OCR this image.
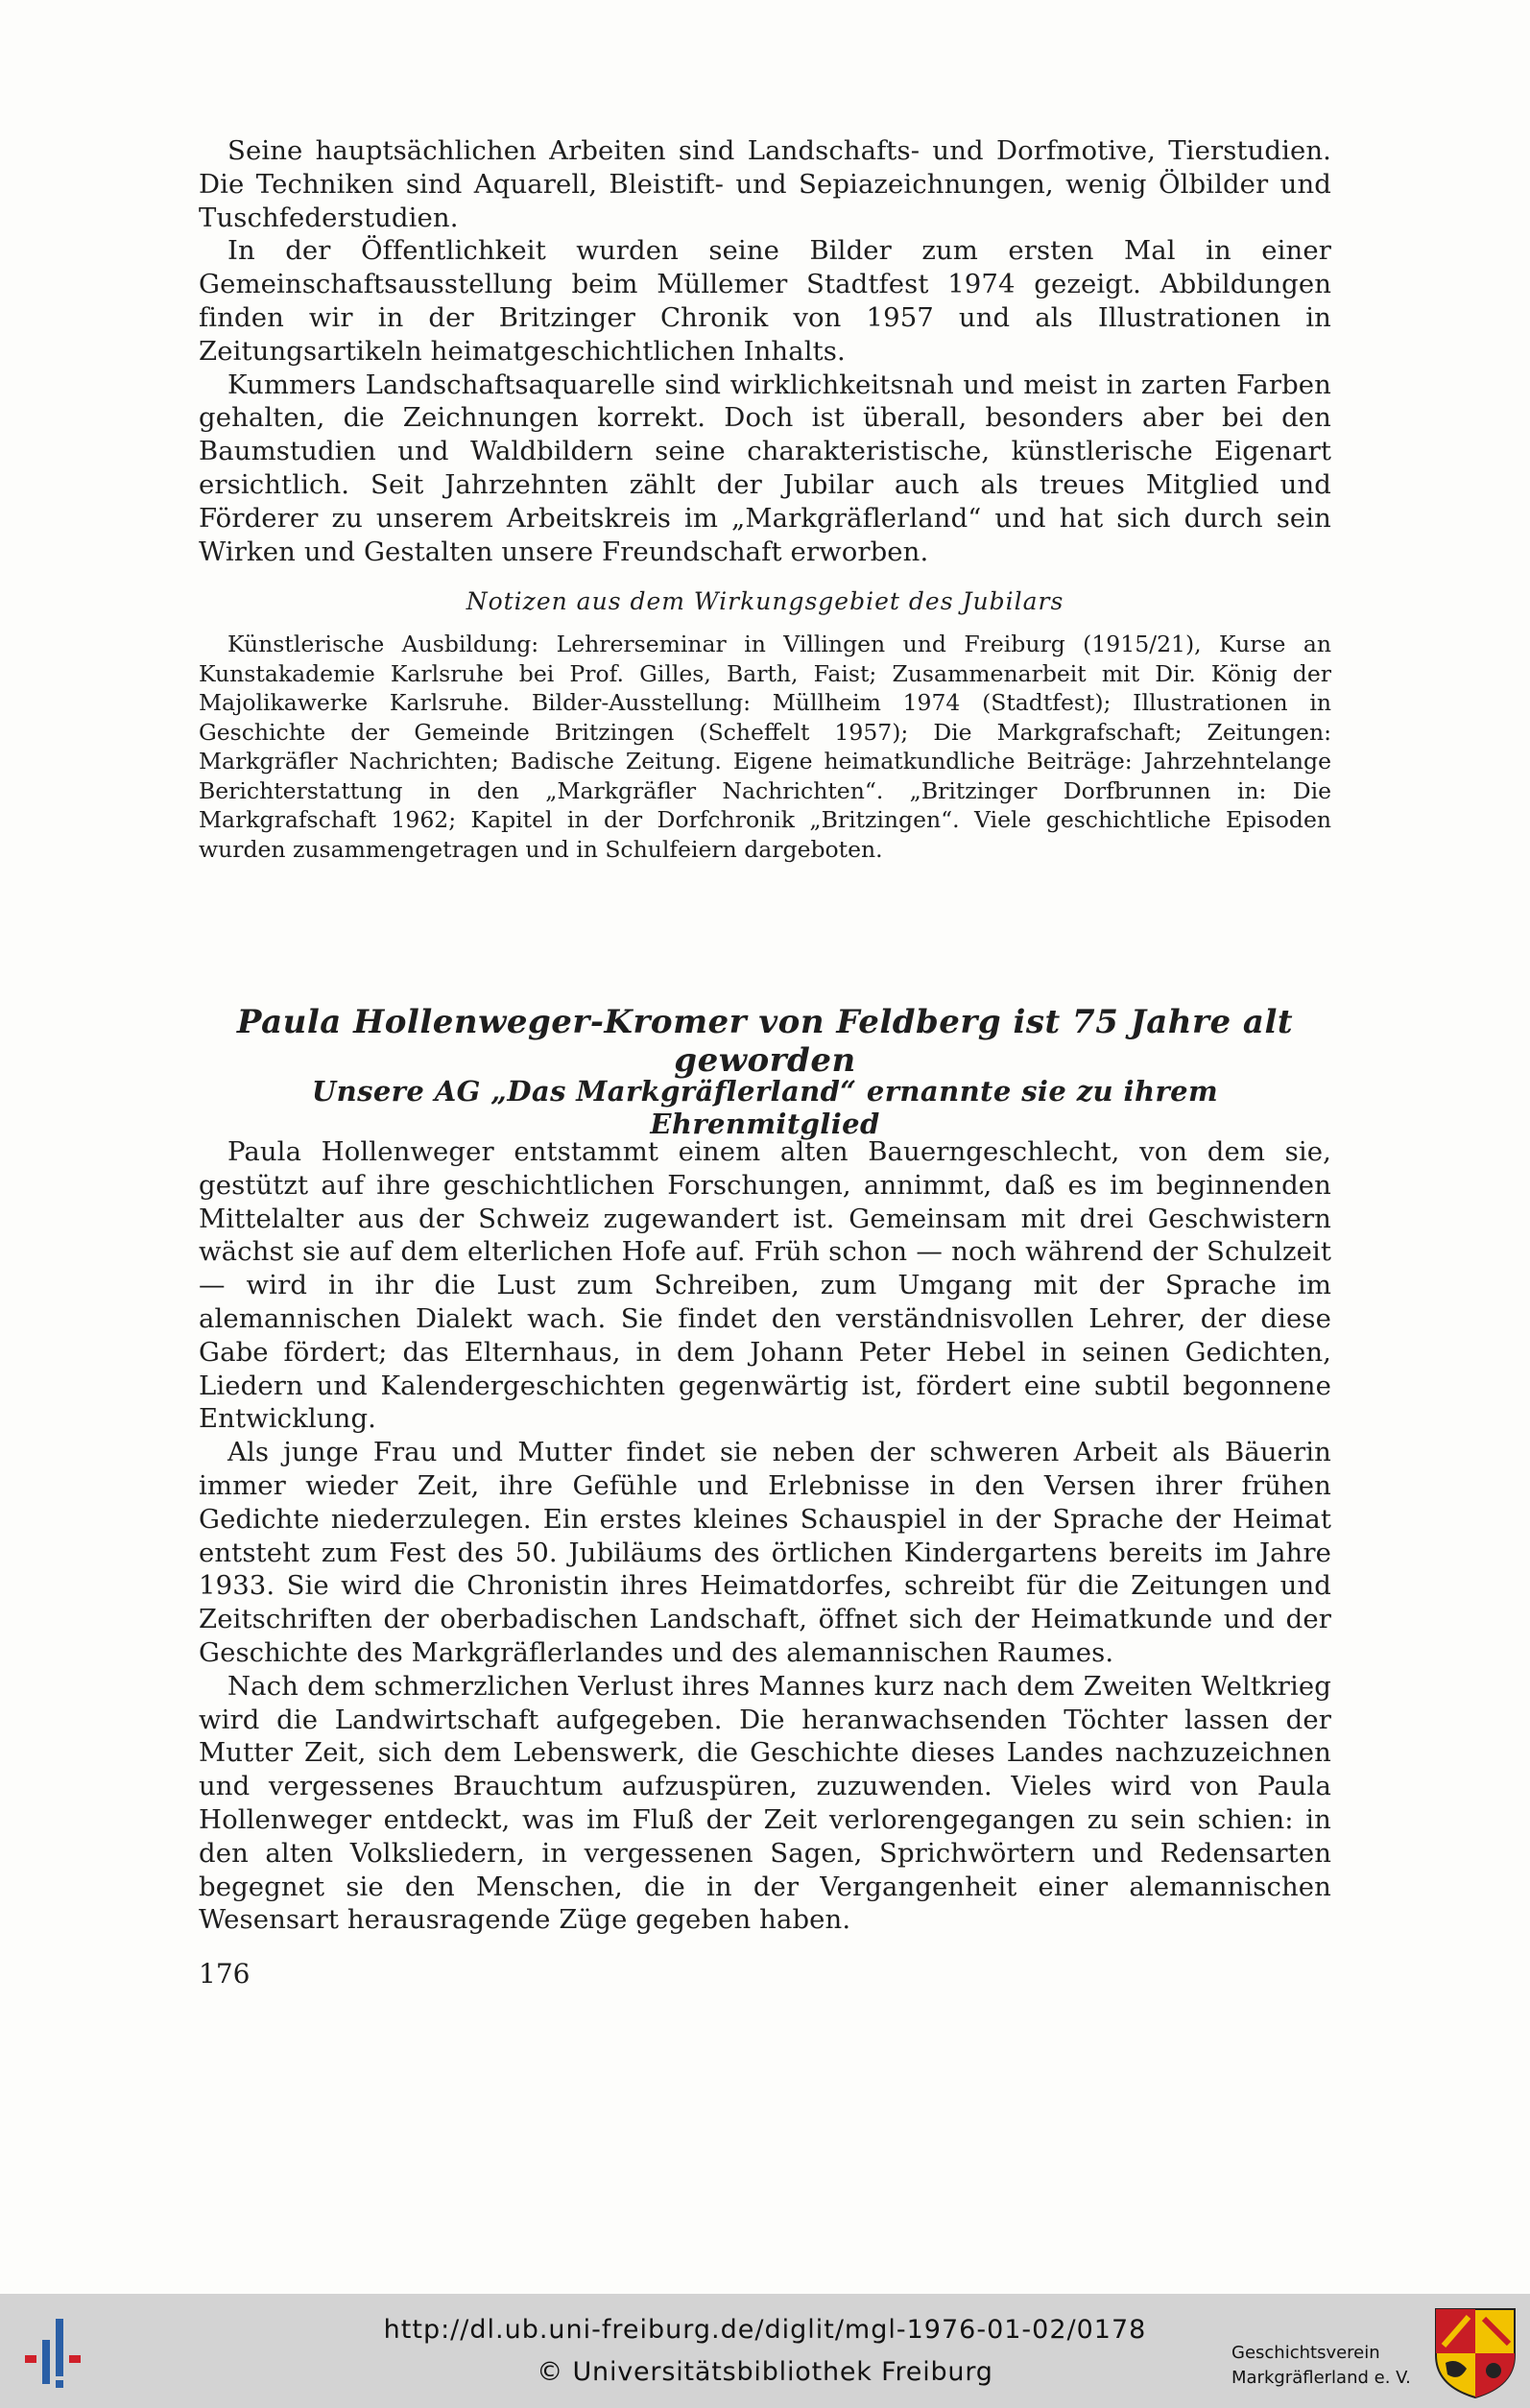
Seine hauptsächlichen Arbeiten sind Landschafts- und Dorfmotive, Tierstudien. Die Techniken sind Aquarell, Bleistift- und Sepiazeichnungen, wenig Ölbilder und Tuschfederstudien.

In der Öffentlichkeit wurden seine Bilder zum ersten Mal in einer Gemeinschaftsausstellung beim Müllemer Stadtfest 1974 gezeigt. Abbildungen finden wir in der Britzinger Chronik von 1957 und als Illustrationen in Zeitungsartikeln heimatgeschichtlichen Inhalts.

Kummers Landschaftsaquarelle sind wirklichkeitsnah und meist in zarten Farben gehalten, die Zeichnungen korrekt. Doch ist überall, besonders aber bei den Baumstudien und Waldbildern seine charakteristische, künstlerische Eigenart ersichtlich. Seit Jahrzehnten zählt der Jubilar auch als treues Mitglied und Förderer zu unserem Arbeitskreis im „Markgräflerland“ und hat sich durch sein Wirken und Gestalten unsere Freundschaft erworben.

Notizen aus dem Wirkungsgebiet des Jubilars

Künstlerische Ausbildung: Lehrerseminar in Villingen und Freiburg (1915/21), Kurse an Kunstakademie Karlsruhe bei Prof. Gilles, Barth, Faist; Zusammenarbeit mit Dir. König der Majolikawerke Karlsruhe. Bilder-Ausstellung: Müllheim 1974 (Stadtfest); Illustrationen in Geschichte der Gemeinde Britzingen (Scheffelt 1957); Die Markgrafschaft; Zeitungen: Markgräfler Nachrichten; Badische Zeitung. Eigene heimatkundliche Beiträge: Jahrzehntelange Berichterstattung in den „Markgräfler Nachrichten“. „Britzinger Dorfbrunnen in: Die Markgrafschaft 1962; Kapitel in der Dorfchronik „Britzingen“. Viele geschichtliche Episoden wurden zusammengetragen und in Schulfeiern dargeboten.

Paula Hollenweger-Kromer von Feldberg ist 75 Jahre alt geworden
Unsere AG „Das Markgräflerland“ ernannte sie zu ihrem Ehrenmitglied

Paula Hollenweger entstammt einem alten Bauerngeschlecht, von dem sie, gestützt auf ihre geschichtlichen Forschungen, annimmt, daß es im beginnenden Mittelalter aus der Schweiz zugewandert ist. Gemeinsam mit drei Geschwistern wächst sie auf dem elterlichen Hofe auf. Früh schon — noch während der Schulzeit — wird in ihr die Lust zum Schreiben, zum Umgang mit der Sprache im alemannischen Dialekt wach. Sie findet den verständnisvollen Lehrer, der diese Gabe fördert; das Elternhaus, in dem Johann Peter Hebel in seinen Gedichten, Liedern und Kalendergeschichten gegenwärtig ist, fördert eine subtil begonnene Entwicklung.

Als junge Frau und Mutter findet sie neben der schweren Arbeit als Bäuerin immer wieder Zeit, ihre Gefühle und Erlebnisse in den Versen ihrer frühen Gedichte niederzulegen. Ein erstes kleines Schauspiel in der Sprache der Heimat entsteht zum Fest des 50. Jubiläums des örtlichen Kindergartens bereits im Jahre 1933. Sie wird die Chronistin ihres Heimatdorfes, schreibt für die Zeitungen und Zeitschriften der oberbadischen Landschaft, öffnet sich der Heimatkunde und der Geschichte des Markgräflerlandes und des alemannischen Raumes.

Nach dem schmerzlichen Verlust ihres Mannes kurz nach dem Zweiten Weltkrieg wird die Landwirtschaft aufgegeben. Die heranwachsenden Töchter lassen der Mutter Zeit, sich dem Lebenswerk, die Geschichte dieses Landes nachzuzeichnen und vergessenes Brauchtum aufzuspüren, zuzuwenden. Vieles wird von Paula Hollenweger entdeckt, was im Fluß der Zeit verlorengegangen zu sein schien: in den alten Volksliedern, in vergessenen Sagen, Sprichwörtern und Redensarten begegnet sie den Menschen, die in der Vergangenheit einer alemannischen Wesensart herausragende Züge gegeben haben.

176

http://dl.ub.uni-freiburg.de/diglit/mgl-1976-01-02/0178
© Universitätsbibliothek Freiburg
Geschichtsverein
Markgräflerland e. V.
